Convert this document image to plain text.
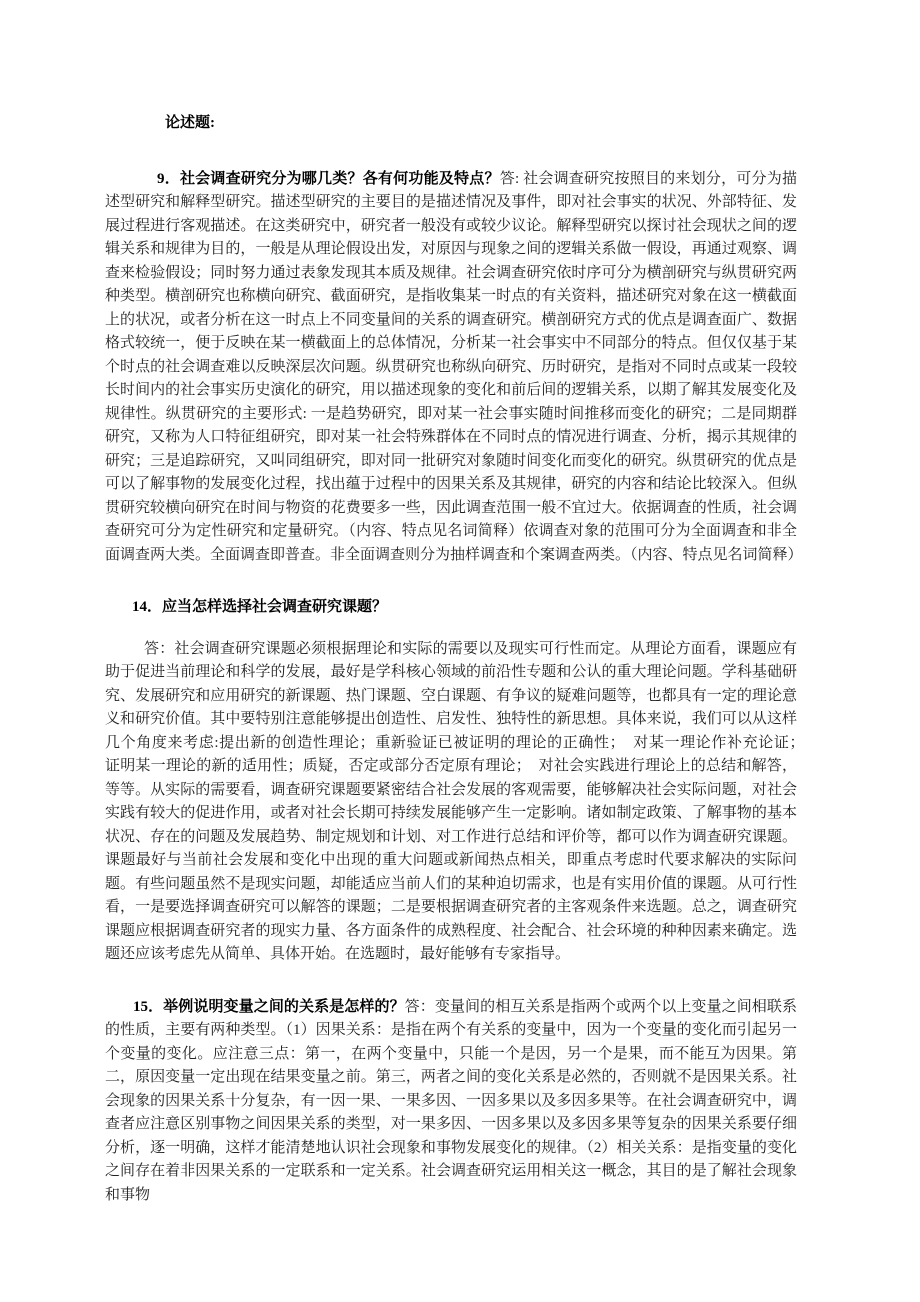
论述题:

9．社会调查研究分为哪几类？各有何功能及特点？答: 社会调查研究按照目的来划分，可分为描述型研究和解释型研究。描述型研究的主要目的是描述情况及事件，即对社会事实的状况、外部特征、发展过程进行客观描述。在这类研究中，研究者一般没有或较少议论。解释型研究以探讨社会现状之间的逻辑关系和规律为目的，一般是从理论假设出发，对原因与现象之间的逻辑关系做一假设，再通过观察、调查来检验假设；同时努力通过表象发现其本质及规律。社会调查研究依时序可分为横剖研究与纵贯研究两种类型。横剖研究也称横向研究、截面研究，是指收集某一时点的有关资料，描述研究对象在这一横截面上的状况，或者分析在这一时点上不同变量间的关系的调查研究。横剖研究方式的优点是调查面广、数据格式较统一，便于反映在某一横截面上的总体情况，分析某一社会事实中不同部分的特点。但仅仅基于某个时点的社会调查难以反映深层次问题。纵贯研究也称纵向研究、历时研究，是指对不同时点或某一段较长时间内的社会事实历史演化的研究，用以描述现象的变化和前后间的逻辑关系，以期了解其发展变化及规律性。纵贯研究的主要形式: 一是趋势研究，即对某一社会事实随时间推移而变化的研究；二是同期群研究，又称为人口特征组研究，即对某一社会特殊群体在不同时点的情况进行调查、分析，揭示其规律的研究；三是追踪研究，又叫同组研究，即对同一批研究对象随时间变化而变化的研究。纵贯研究的优点是可以了解事物的发展变化过程，找出蕴于过程中的因果关系及其规律，研究的内容和结论比较深入。但纵贯研究较横向研究在时间与物资的花费要多一些，因此调查范围一般不宜过大。依据调查的性质，社会调查研究可分为定性研究和定量研究。（内容、特点见名词简释）依调查对象的范围可分为全面调查和非全面调查两大类。全面调查即普查。非全面调查则分为抽样调查和个案调查两类。（内容、特点见名词简释）

14．应当怎样选择社会调查研究课题？

答：社会调查研究课题必须根据理论和实际的需要以及现实可行性而定。从理论方面看，课题应有助于促进当前理论和科学的发展，最好是学科核心领域的前沿性专题和公认的重大理论问题。学科基础研究、发展研究和应用研究的新课题、热门课题、空白课题、有争议的疑难问题等，也都具有一定的理论意义和研究价值。其中要特别注意能够提出创造性、启发性、独特性的新思想。具体来说，我们可以从这样几个角度来考虑:提出新的创造性理论；重新验证已被证明的理论的正确性；　对某一理论作补充论证；　证明某一理论的新的适用性；质疑，否定或部分否定原有理论；　对社会实践进行理论上的总结和解答，等等。从实际的需要看，调查研究课题要紧密结合社会发展的客观需要，能够解决社会实际问题，对社会实践有较大的促进作用，或者对社会长期可持续发展能够产生一定影响。诸如制定政策、了解事物的基本状况、存在的问题及发展趋势、制定规划和计划、对工作进行总结和评价等，都可以作为调查研究课题。课题最好与当前社会发展和变化中出现的重大问题或新闻热点相关，即重点考虑时代要求解决的实际问题。有些问题虽然不是现实问题，却能适应当前人们的某种迫切需求，也是有实用价值的课题。从可行性看，一是要选择调查研究可以解答的课题；二是要根据调查研究者的主客观条件来选题。总之，调查研究课题应根据调查研究者的现实力量、各方面条件的成熟程度、社会配合、社会环境的种种因素来确定。选题还应该考虑先从简单、具体开始。在选题时，最好能够有专家指导。

15．举例说明变量之间的关系是怎样的？答：变量间的相互关系是指两个或两个以上变量之间相联系的性质，主要有两种类型。（1）因果关系：是指在两个有关系的变量中，因为一个变量的变化而引起另一个变量的变化。应注意三点：第一，在两个变量中，只能一个是因，另一个是果，而不能互为因果。第二，原因变量一定出现在结果变量之前。第三，两者之间的变化关系是必然的，否则就不是因果关系。社会现象的因果关系十分复杂，有一因一果、一果多因、一因多果以及多因多果等。在社会调查研究中，调查者应注意区别事物之间因果关系的类型，对一果多因、一因多果以及多因多果等复杂的因果关系要仔细分析，逐一明确，这样才能清楚地认识社会现象和事物发展变化的规律。（2）相关关系：是指变量的变化之间存在着非因果关系的一定联系和一定关系。社会调查研究运用相关这一概念，其目的是了解社会现象和事物
